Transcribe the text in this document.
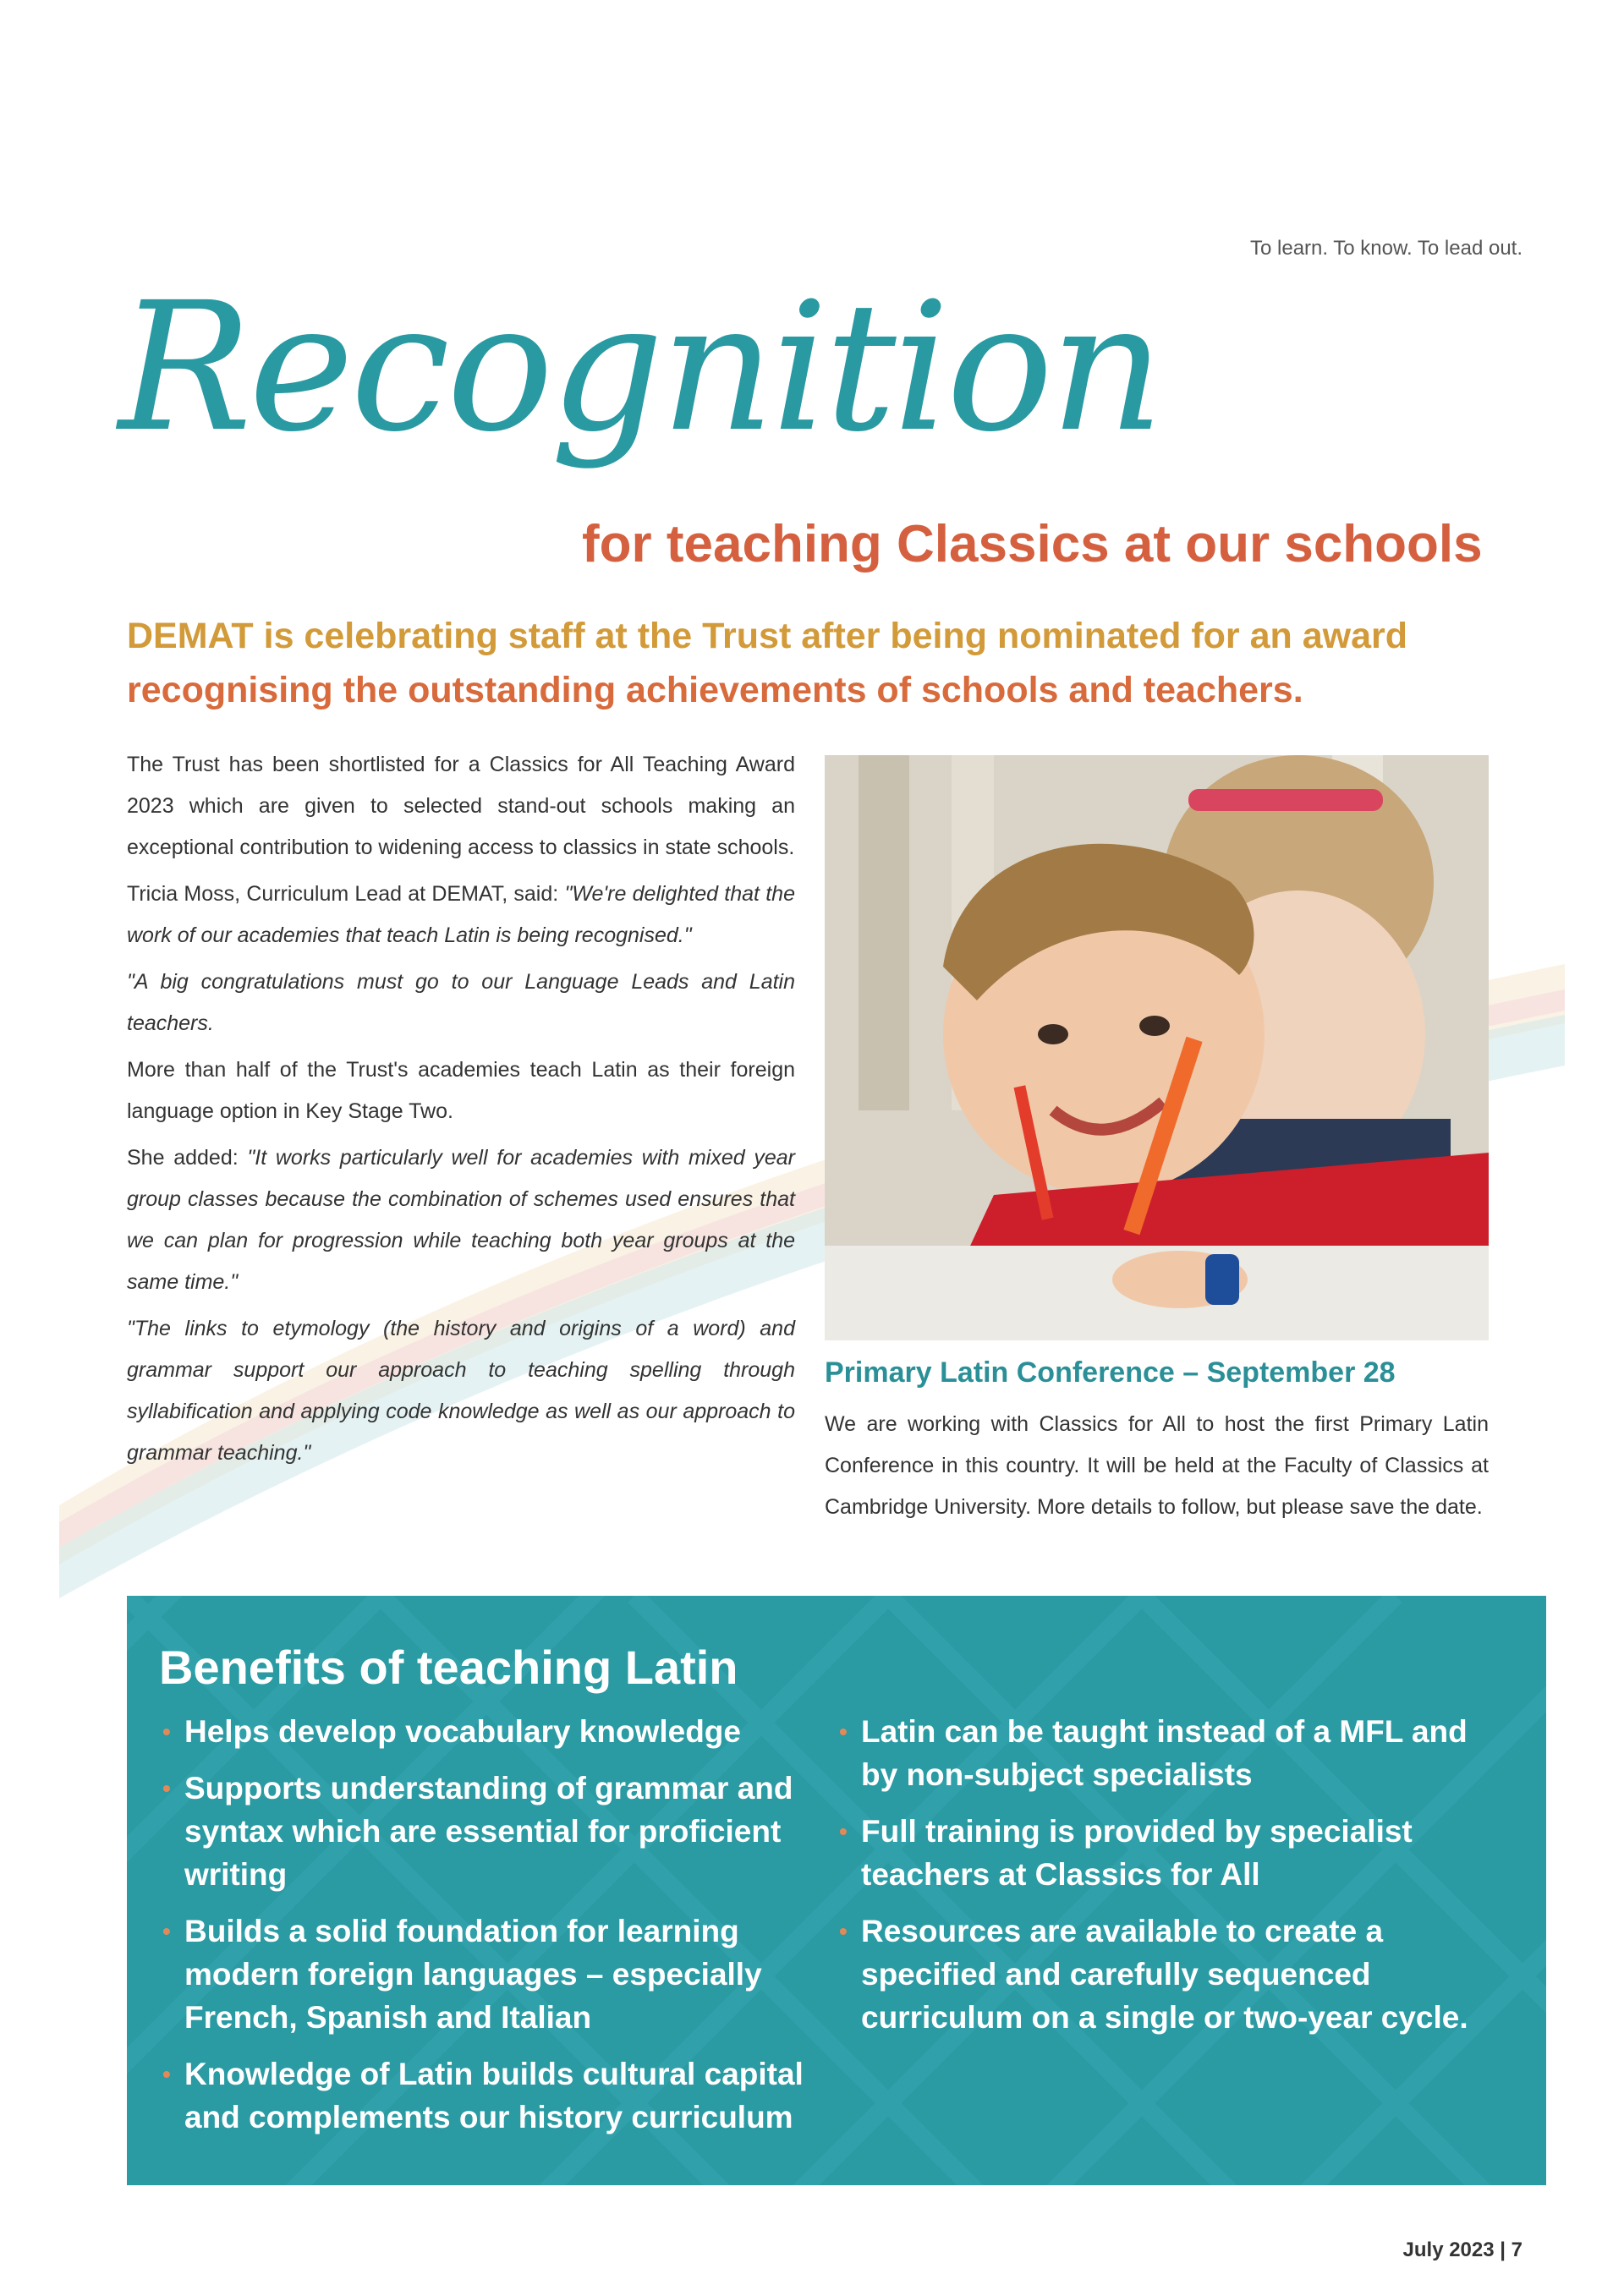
To learn. To know. To lead out.
Recognition
for teaching Classics at our schools

DEMAT is celebrating staff at the Trust after being nominated for an award
recognising the outstanding achievements of schools and teachers.

The Trust has been shortlisted for a Classics for All Teaching Award 2023 which are given to selected stand-out schools making an exceptional contribution to widening access to classics in state schools.

Tricia Moss, Curriculum Lead at DEMAT, said: "We're delighted that the work of our academies that teach Latin is being recognised."

"A big congratulations must go to our Language Leads and Latin teachers.

More than half of the Trust's academies teach Latin as their foreign language option in Key Stage Two.

She added: "It works particularly well for academies with mixed year group classes because the combination of schemes used ensures that we can plan for progression while teaching both year groups at the same time."

"The links to etymology (the history and origins of a word) and grammar support our approach to teaching spelling through syllabification and applying code knowledge as well as our approach to grammar teaching."

Primary Latin Conference – September 28

We are working with Classics for All to host the first Primary Latin Conference in this country. It will be held at the Faculty of Classics at Cambridge University. More details to follow, but please save the date.

Benefits of teaching Latin
• Helps develop vocabulary knowledge
• Supports understanding of grammar and syntax which are essential for proficient writing
• Builds a solid foundation for learning modern foreign languages – especially French, Spanish and Italian
• Knowledge of Latin builds cultural capital and complements our history curriculum
• Latin can be taught instead of a MFL and by non-subject specialists
• Full training is provided by specialist teachers at Classics for All
• Resources are available to create a specified and carefully sequenced curriculum on a single or two-year cycle.
July 2023 | 7
